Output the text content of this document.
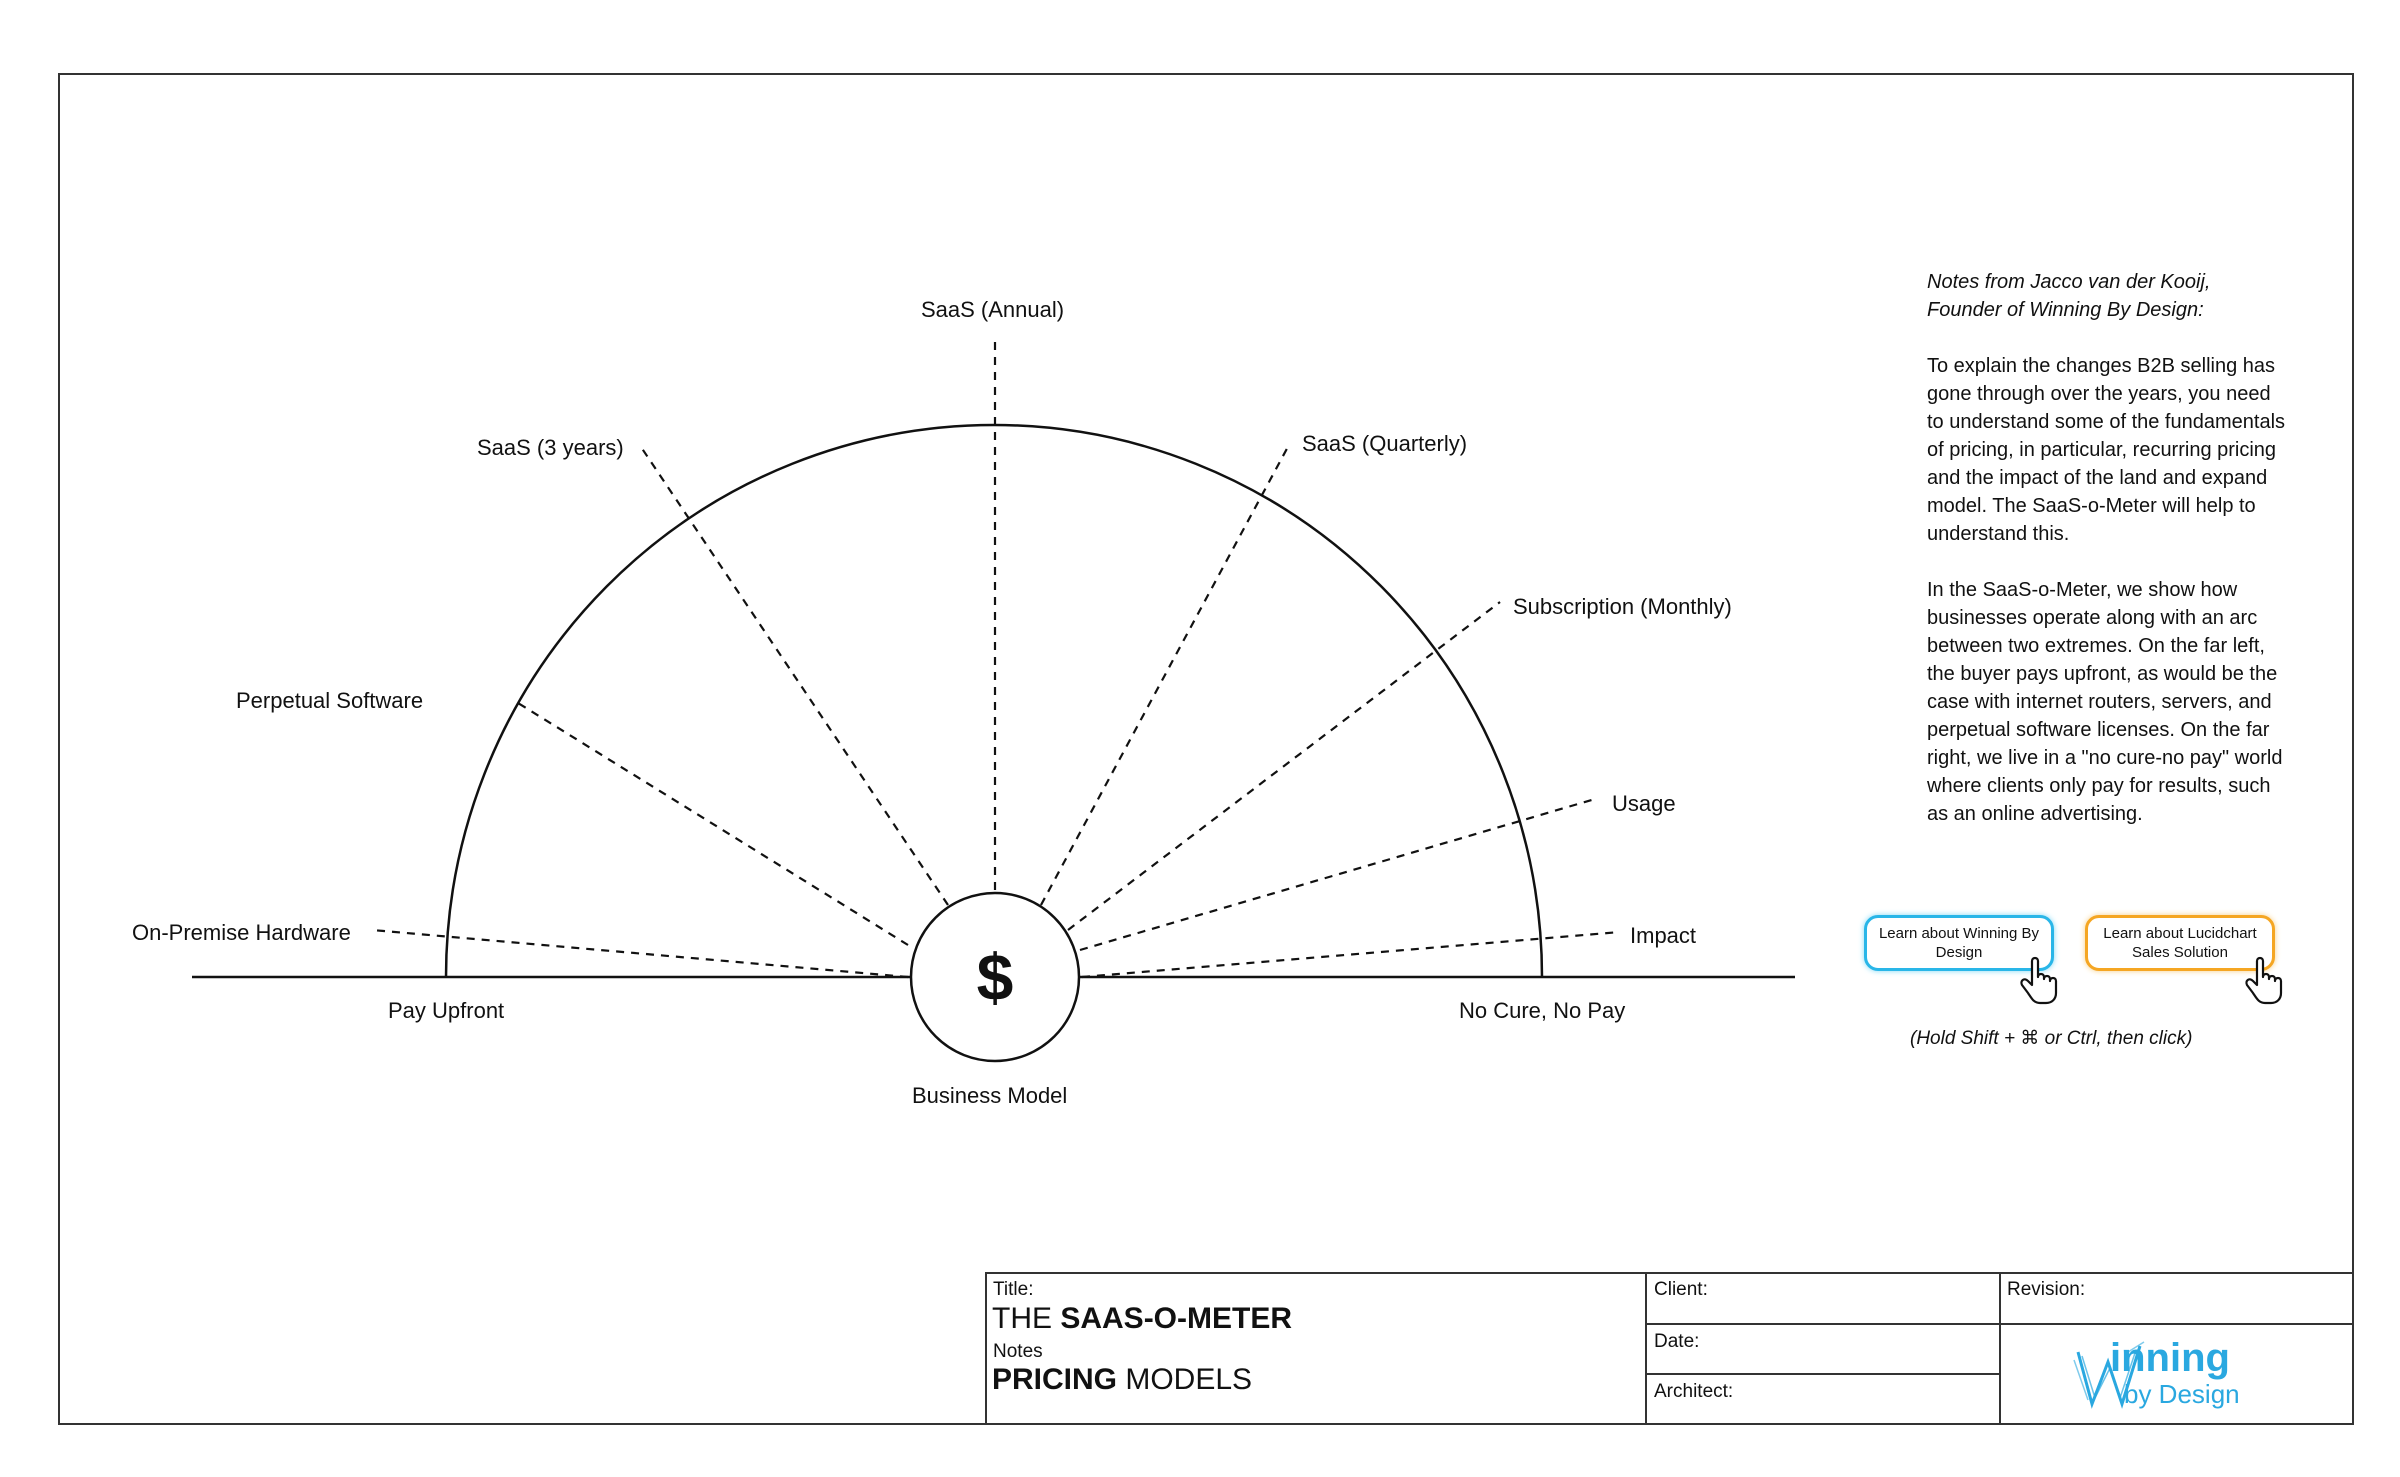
$
On-Premise Hardware
Perpetual Software
SaaS (3 years)
SaaS (Annual)
SaaS (Quarterly)
Subscription (Monthly)
Usage
Impact
Pay Upfront	No Cure, No Pay
Business Model

Notes from Jacco van der Kooij,
Founder of Winning By Design:

To explain the changes B2B selling has gone through over the years, you need to understand some of the fundamentals of pricing, in particular, recurring pricing and the impact of the land and expand model. The SaaS-o-Meter will help to understand this.

In the SaaS-o-Meter, we show how businesses operate along with an arc between two extremes. On the far left, the buyer pays upfront, as would be the case with internet routers, servers, and perpetual software licenses. On the far right, we live in a "no cure-no pay" world where clients only pay for results, such as an online advertising.

Learn about Winning By Design
Learn about Lucidchart Sales Solution
(Hold Shift + ⌘ or Ctrl, then click)
Title:
THE SAAS-O-METER
Notes
PRICING MODELS
Client:
Date:
Architect:
Revision:
inning
by Design
